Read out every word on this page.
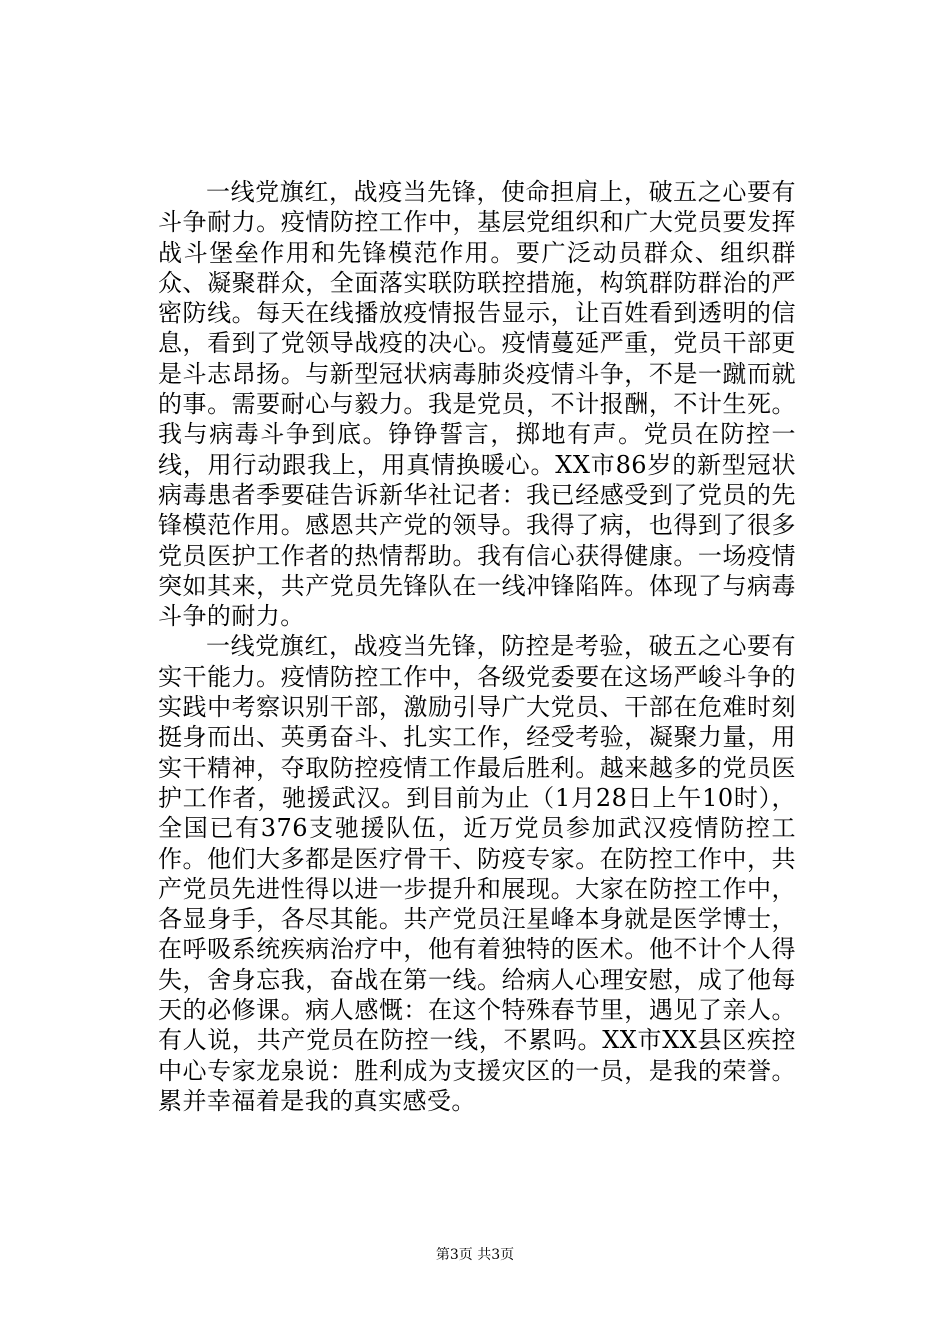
一线党旗红，战疫当先锋，使命担肩上，破五之心要有斗争耐力。疫情防控工作中，基层党组织和广大党员要发挥战斗堡垒作用和先锋模范作用。要广泛动员群众、组织群众、凝聚群众，全面落实联防联控措施，构筑群防群治的严密防线。每天在线播放疫情报告显示，让百姓看到透明的信息，看到了党领导战疫的决心。疫情蔓延严重，党员干部更是斗志昂扬。与新型冠状病毒肺炎疫情斗争，不是一蹴而就的事。需要耐心与毅力。我是党员，不计报酬，不计生死。我与病毒斗争到底。铮铮誓言，掷地有声。党员在防控一线，用行动跟我上，用真情换暖心。XX市86岁的新型冠状病毒患者季要硅告诉新华社记者：我已经感受到了党员的先锋模范作用。感恩共产党的领导。我得了病，也得到了很多党员医护工作者的热情帮助。我有信心获得健康。一场疫情突如其来，共产党员先锋队在一线冲锋陷阵。体现了与病毒斗争的耐力。

一线党旗红，战疫当先锋，防控是考验，破五之心要有实干能力。疫情防控工作中，各级党委要在这场严峻斗争的实践中考察识别干部，激励引导广大党员、干部在危难时刻挺身而出、英勇奋斗、扎实工作，经受考验，凝聚力量，用实干精神，夺取防控疫情工作最后胜利。越来越多的党员医护工作者，驰援武汉。到目前为止（1月28日上午10时），全国已有376支驰援队伍，近万党员参加武汉疫情防控工作。他们大多都是医疗骨干、防疫专家。在防控工作中，共产党员先进性得以进一步提升和展现。大家在防控工作中，各显身手，各尽其能。共产党员汪星峰本身就是医学博士，在呼吸系统疾病治疗中，他有着独特的医术。他不计个人得失，舍身忘我，奋战在第一线。给病人心理安慰，成了他每天的必修课。病人感慨：在这个特殊春节里，遇见了亲人。有人说，共产党员在防控一线，不累吗。XX市XX县区疾控中心专家龙泉说：胜利成为支援灾区的一员，是我的荣誉。累并幸福着是我的真实感受。

第3页 共3页
